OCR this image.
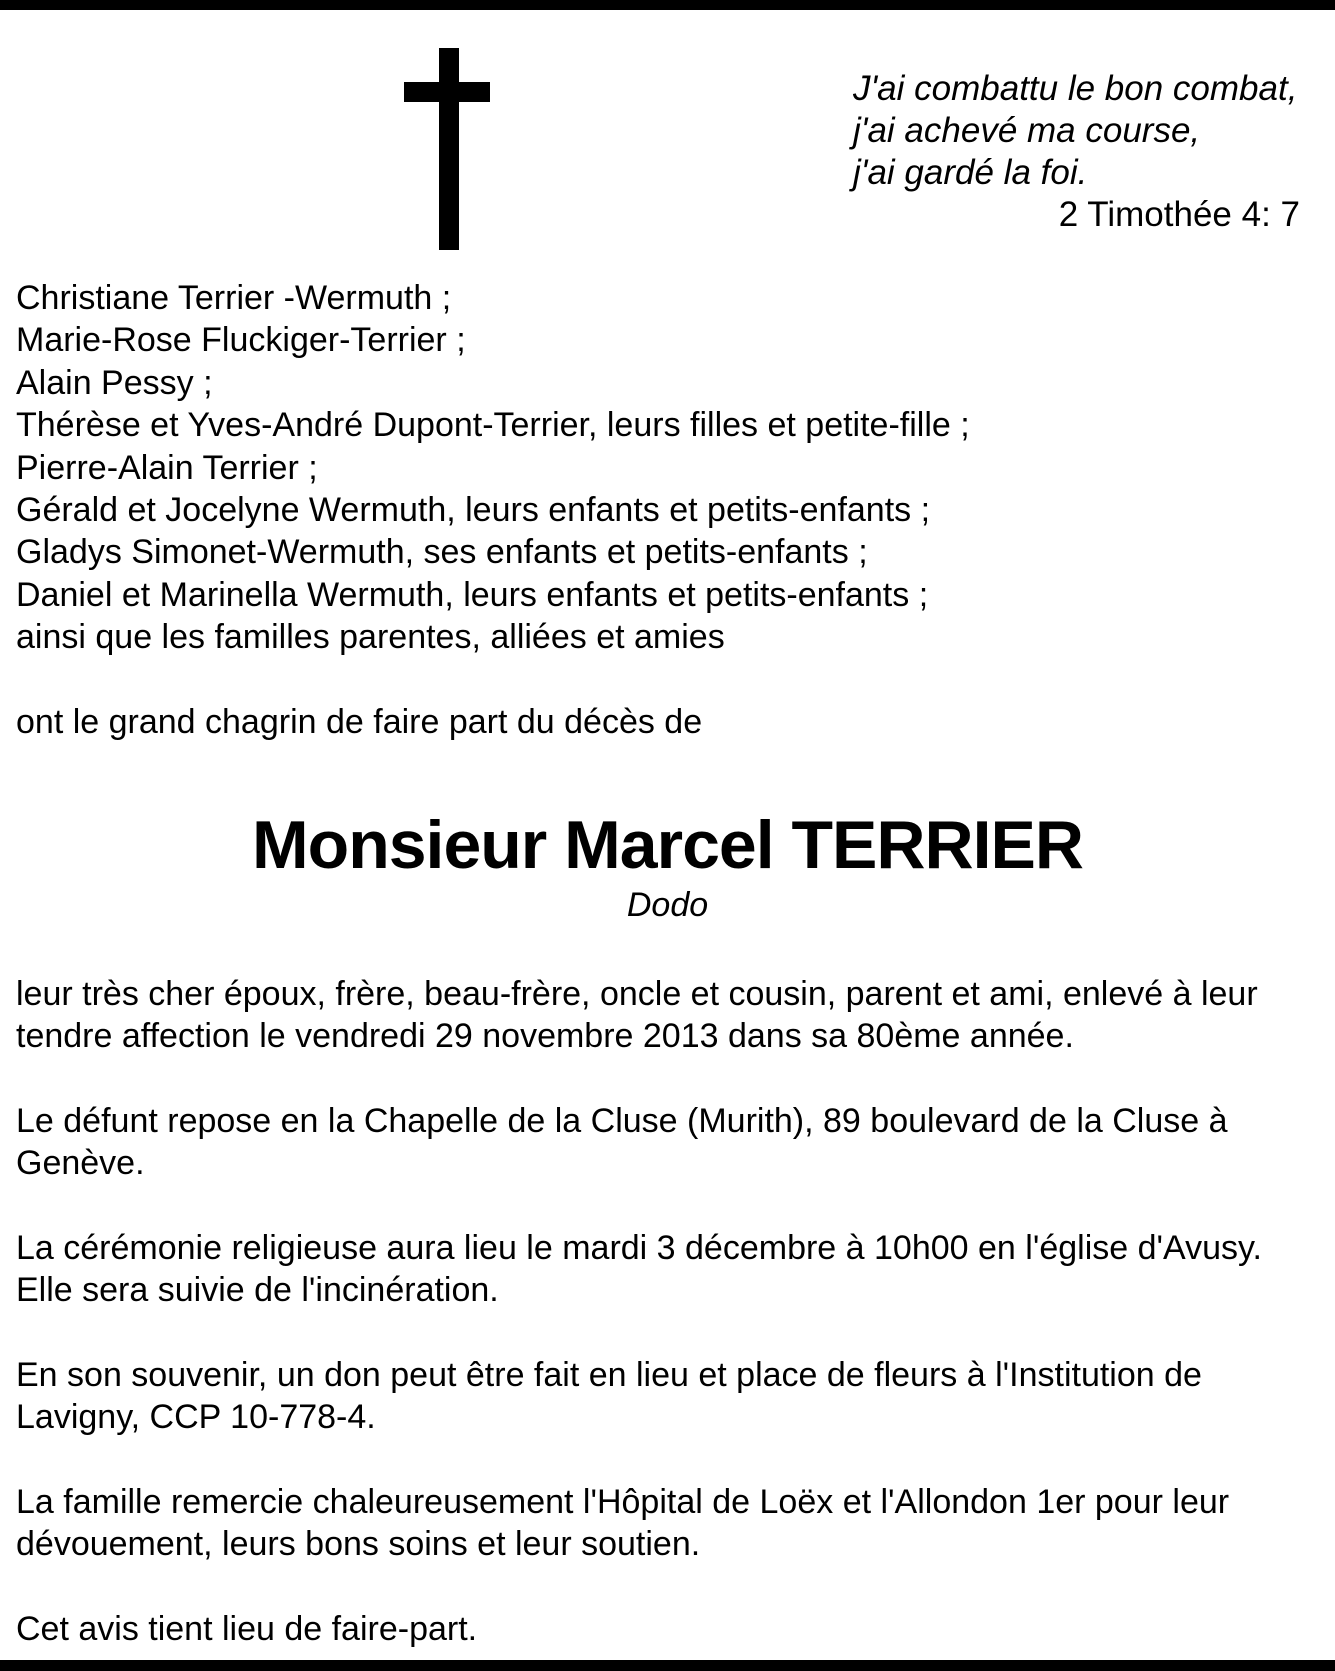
J'ai combattu le bon combat,

j'ai achevé ma course,

j'ai gardé la foi.

2 Timothée 4: 7

Christiane Terrier -Wermuth ;
Marie-Rose Fluckiger-Terrier ;
Alain Pessy ;
Thérèse et Yves-André Dupont-Terrier, leurs filles et petite-fille ;
Pierre-Alain Terrier ;
Gérald et Jocelyne Wermuth, leurs enfants et petits-enfants ;
Gladys Simonet-Wermuth, ses enfants et petits-enfants ;
Daniel et Marinella Wermuth, leurs enfants et petits-enfants ;
ainsi que les familles parentes, alliées et amies

ont le grand chagrin de faire part du décès de

Monsieur Marcel TERRIER

Dodo

leur très cher époux, frère, beau-frère, oncle et cousin, parent et ami, enlevé à leur tendre affection le vendredi 29 novembre 2013 dans sa 80ème année.

Le défunt repose en la Chapelle de la Cluse (Murith), 89 boulevard de la Cluse à Genève.

La cérémonie religieuse aura lieu le mardi 3 décembre à 10h00 en l'église d'Avusy. Elle sera suivie de l'incinération.

En son souvenir, un don peut être fait en lieu et place de fleurs à l'Institution de Lavigny, CCP 10-778-4.

La famille remercie chaleureusement l'Hôpital de Loëx et l'Allondon 1er pour leur dévouement, leurs bons soins et leur soutien.

Cet avis tient lieu de faire-part.
